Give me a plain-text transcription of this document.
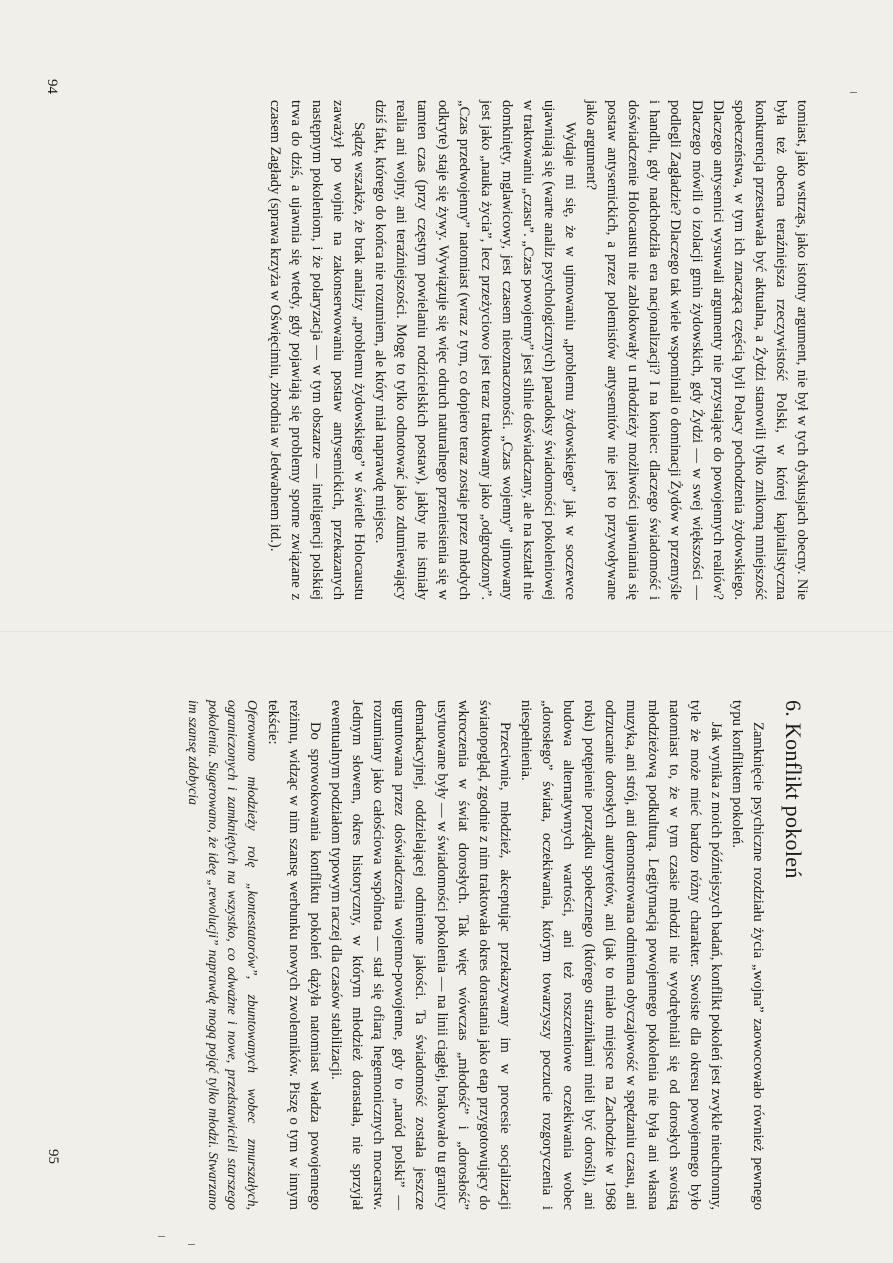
94
95

tomiast, jako wstrząs, jako istotny argument, nie był w tych dyskusjach obecny. Nie była też obecna teraźniejsza rzeczywistość Polski, w której kapitalistyczna konkurencja przestawała być aktualna, a Żydzi stanowili tylko znikomą mniejszość społeczeństwa, w tym ich znaczącą częścią byli Polacy pochodzenia żydowskiego. Dlaczego antysemici wysuwali argumenty nie przystające do powojennych realiów? Dlaczego mówili o izolacji gmin żydowskich, gdy Żydzi — w swej większości — podlegli Zagładzie? Dlaczego tak wiele wspominali o dominacji Żydów w przemyśle i handlu, gdy nadchodziła era nacjonalizacji? I na koniec: dlaczego świadomość i doświadczenie Holocaustu nie zablokowały u młodzieży możliwości ujawniania się postaw antysemickich, a przez polemistów antysemitów nie jest to przywoływane jako argument?

Wydaje mi się, że w ujmowaniu „problemu żydowskiego” jak w soczewce ujawniają się (warte analiz psychologicznych) paradoksy świadomości pokoleniowej w traktowaniu „czasu”. „Czas powojenny” jest silnie doświadczany, ale na kształt nie domknięty, mglawicowy, jest czasem nieoznaczoności. „Czas wojenny” ujmowany jest jako „nauka życia”, lecz przeżyciowo jest teraz traktowany jako „odgrodzony”. „Czas przedwojenny” natomiast (wraz z tym, co dopiero teraz zostaje przez młodych odkryte) staje się żywy. Wywiązuje się więc odruch naturalnego przeniesienia się w tamten czas (przy częstym powielaniu rodzicielskich postaw), jakby nie istniały realia ani wojny, ani teraźniejszości. Mogę to tylko odnotować jako zdumiewający dziś fakt, którego do końca nie rozumiem, ale który miał naprawdę miejsce.

Sądzę wszakże, że brak analizy „problemu żydowskiego” w świetle Holocaustu zaważył po wojnie na zakonserwowaniu postaw antysemickich, przekazanych następnym pokoleniom, i że polaryzacja — w tym obszarze — inteligencji polskiej trwa do dziś, a ujawnia się wtedy, gdy pojawiają się problemy sporne związane z czasem Zagłady (sprawa krzyża w Oświęcimiu, zbrodnia w Jedwabnem itd.).

6. Konflikt pokoleń

Zamknięcie psychiczne rozdziału życia „wojna” zaowocowało również pewnego typu konfliktem pokoleń.

Jak wynika z moich późniejszych badań, konflikt pokoleń jest zwykle nieuchronny, tyle że może mieć bardzo różny charakter. Swoiste dla okresu powojennego było natomiast to, że w tym czasie młodzi nie wyodrębniali się od dorosłych swoistą młodzieżową podkulturą. Legitymacją powojennego pokolenia nie była ani własna muzyka, ani strój, ani demonstrowana odmienna obyczajowość w spędzaniu czasu, ani odrzucanie dorosłych autorytetów, ani (jak to miało miejsce na Zachodzie w 1968 roku) potępienie porządku społecznego (którego strażnikami mieli być dorośli), ani budowa alternatywnych wartości, ani też roszczeniowe oczekiwania wobec „dorosłego” świata, oczekiwania, którym towarzyszy poczucie rozgoryczenia i niespełnienia.

Przeciwnie, młodzież, akceptując przekazywany im w procesie socjalizacji światopogląd, zgodnie z nim traktowała okres dorastania jako etap przygotowujący do wkroczenia w świat dorosłych. Tak więc wówczas „młodość” i „dorosłość” usytuowane były — w świadomości pokolenia — na linii ciągłej, brakowało tu granicy demarkacyjnej, oddzielającej odmienne jakości. Ta świadomość została jeszcze ugruntowana przez doświadczenia wojenno-powojenne, gdy to „naród polski” — rozumiany jako całościowa wspólnota — stał się ofiarą hegemonicznych mocarstw. Jednym słowem, okres historyczny, w którym młodzież dorastała, nie sprzyjał ewentualnym podziałom typowym raczej dla czasów stabilizacji.

Do sprowokowania konfliktu pokoleń dążyła natomiast władza powojennego reżimu, widząc w nim szansę werbunku nowych zwolenników. Piszę o tym w innym tekście:

Oferowano młodzieży rolę „kontestatorów”, zbuntowanych wobec zmurszałych, ograniczonych i zamkniętych na wszystko, co odważne i nowe, przedstawicieli starszego pokolenia. Sugerowano, że ideę „rewolucji” naprawdę mogą pojąć tylko młodzi. Stwarzano im szansę zdobycia
